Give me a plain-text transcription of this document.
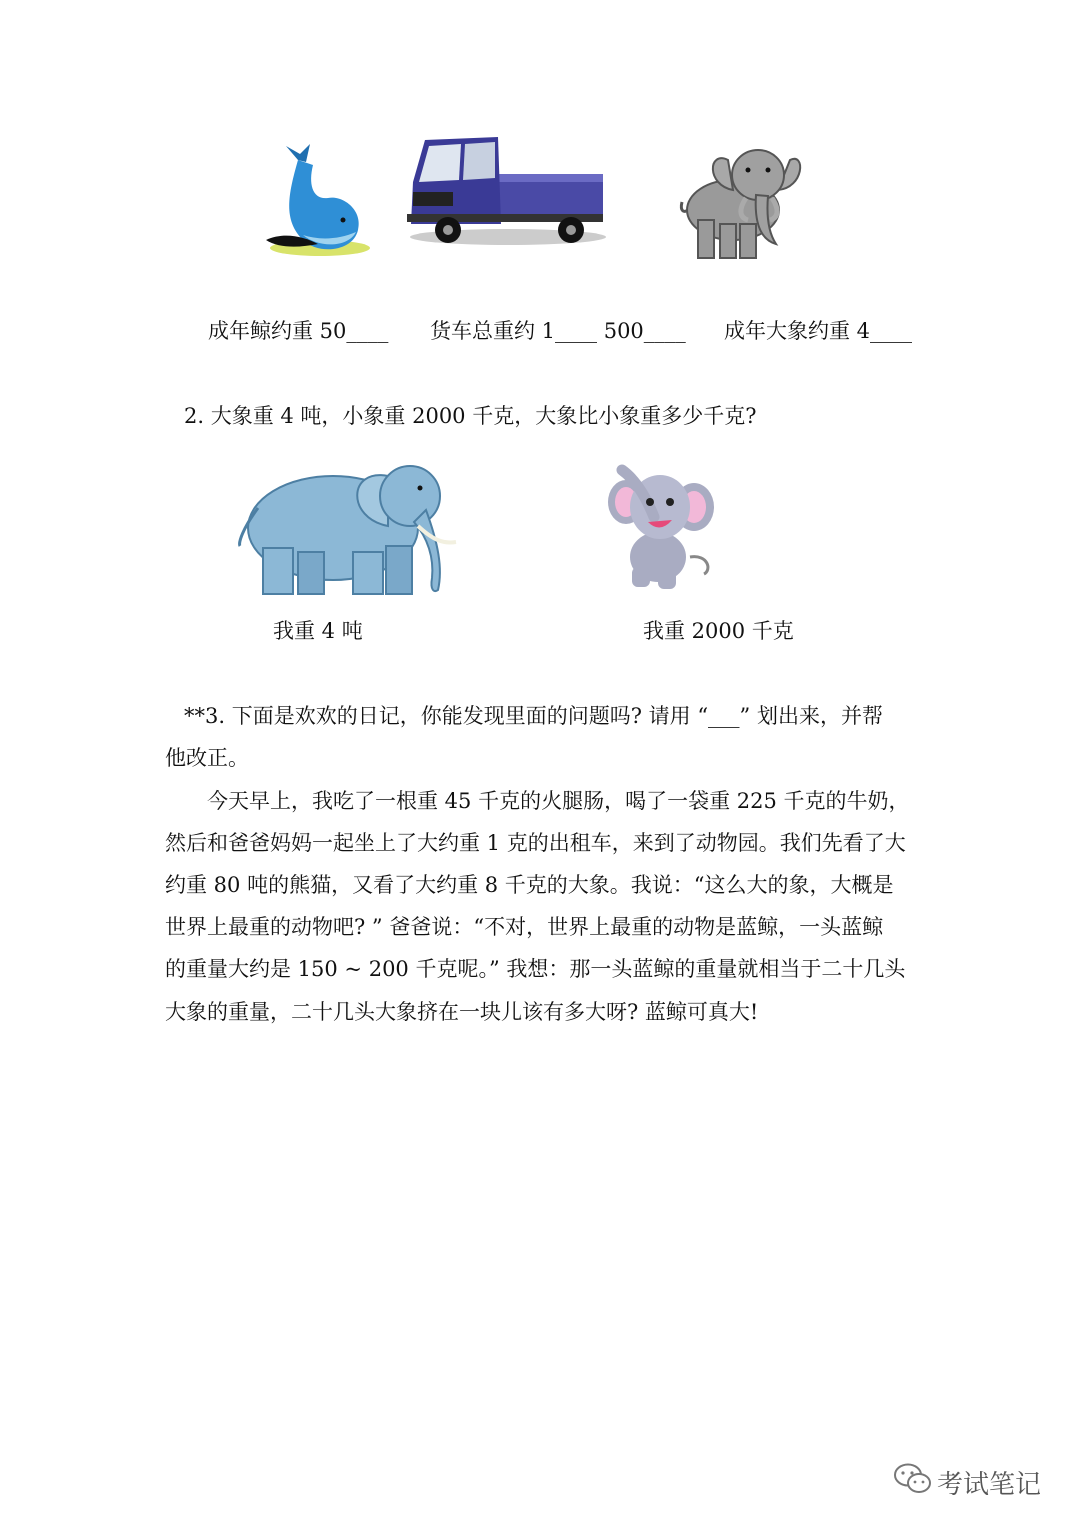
成年鲸约重 50____ 货车总重约 1____ 500____ 成年大象约重 4____
2. 大象重 4 吨，小象重 2000 千克，大象比小象重多少千克?
我重 4 吨	我重 2000 千克
**3. 下面是欢欢的日记，你能发现里面的问题吗? 请用 “___” 划出来，并帮
他改正。
今天早上，我吃了一根重 45 千克的火腿肠，喝了一袋重 225 千克的牛奶，
然后和爸爸妈妈一起坐上了大约重 1 克的出租车，来到了动物园。我们先看了大
约重 80 吨的熊猫，又看了大约重 8 千克的大象。我说：“这么大的象，大概是
世界上最重的动物吧? ” 爸爸说：“不对，世界上最重的动物是蓝鲸，一头蓝鲸
的重量大约是 150 ~ 200 千克呢。” 我想：那一头蓝鲸的重量就相当于二十几头
大象的重量，二十几头大象挤在一块儿该有多大呀? 蓝鲸可真大!
考试笔记
